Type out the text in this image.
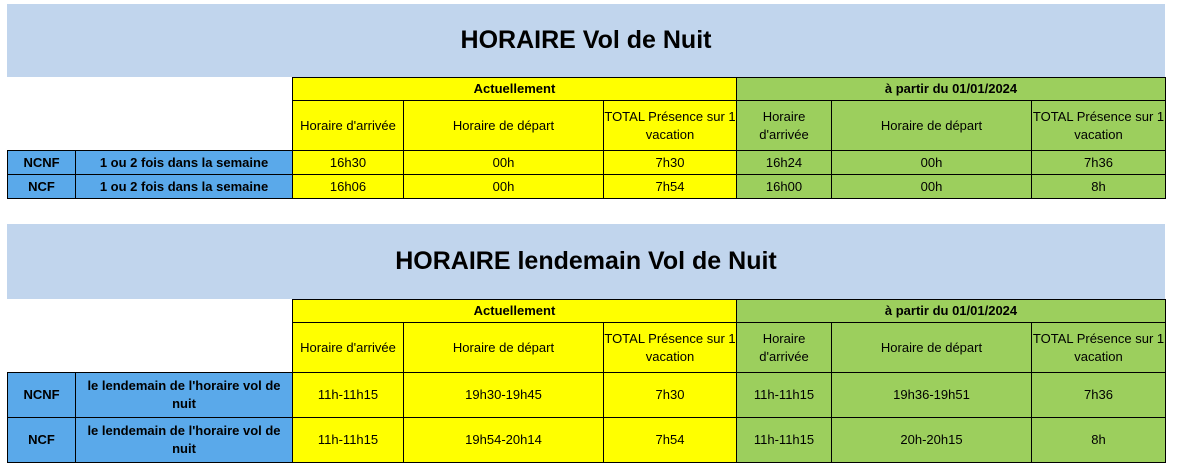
HORAIRE Vol de Nuit
		Actuellement			à partir du 01/01/2024		
		Horaire d'arrivée	Horaire de départ	TOTAL Présence sur 1 vacation	Horaire d'arrivée	Horaire de départ	TOTAL Présence sur 1 vacation
NCNF	1 ou 2 fois dans la semaine	16h30	00h	7h30	16h24	00h	7h36
NCF	1 ou 2 fois dans la semaine	16h06	00h	7h54	16h00	00h	8h
HORAIRE lendemain Vol de Nuit
		Actuellement			à partir du 01/01/2024		
		Horaire d'arrivée	Horaire de départ	TOTAL Présence sur 1 vacation	Horaire d'arrivée	Horaire de départ	TOTAL Présence sur 1 vacation
NCNF	le lendemain de l'horaire vol de nuit	11h-11h15	19h30-19h45	7h30	11h-11h15	19h36-19h51	7h36
NCF	le lendemain de l'horaire vol de nuit	11h-11h15	19h54-20h14	7h54	11h-11h15	20h-20h15	8h
